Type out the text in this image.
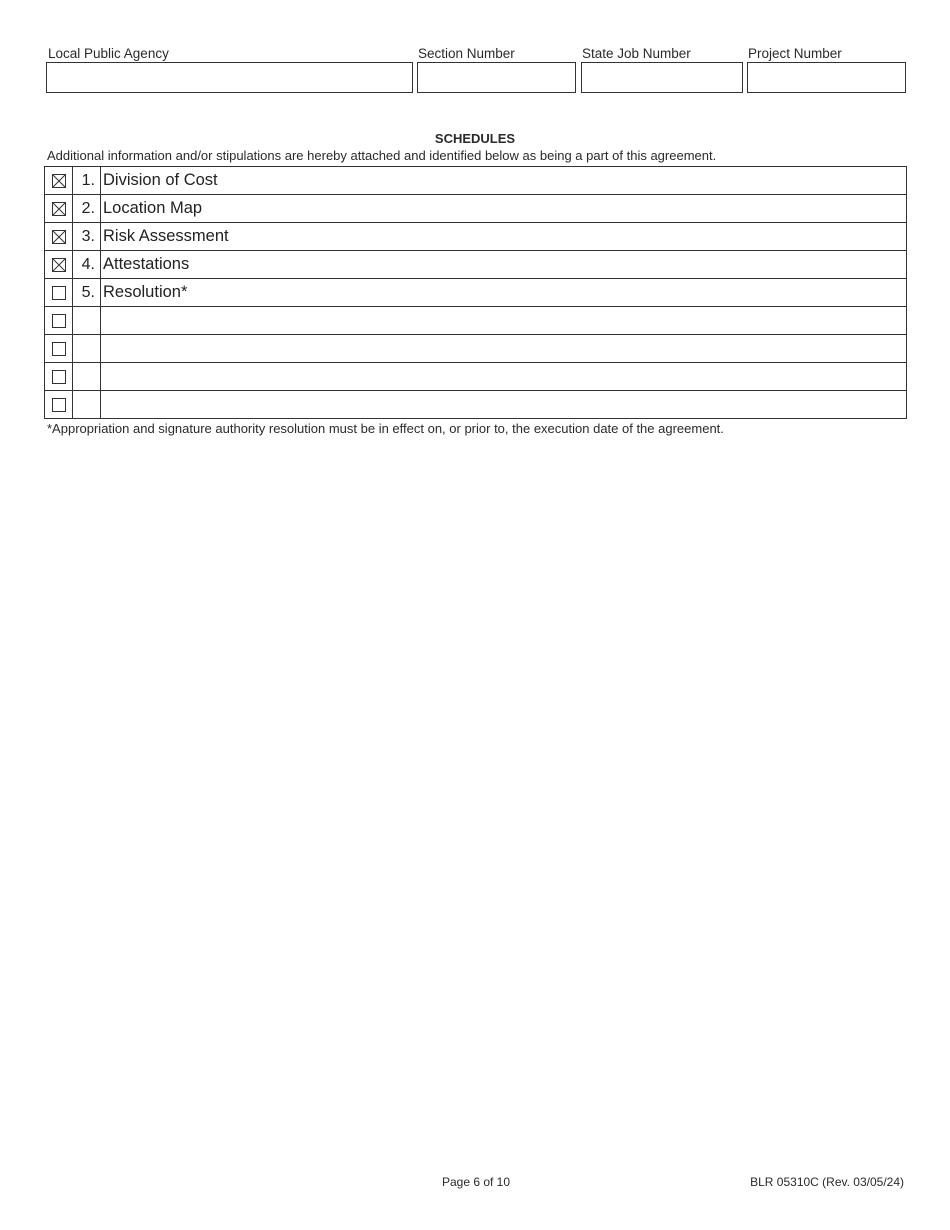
Local Public Agency	Section Number	State Job Number	Project Number
SCHEDULES
Additional information and/or stipulations are hereby attached and identified below as being a part of this agreement.
	1.	Division of Cost
	2.	Location Map
	3.	Risk Assessment
	4.	Attestations
	5.	Resolution*

*Appropriation and signature authority resolution must be in effect on, or prior to, the execution date of the agreement.
Page 6 of 10	BLR 05310C (Rev. 03/05/24)
